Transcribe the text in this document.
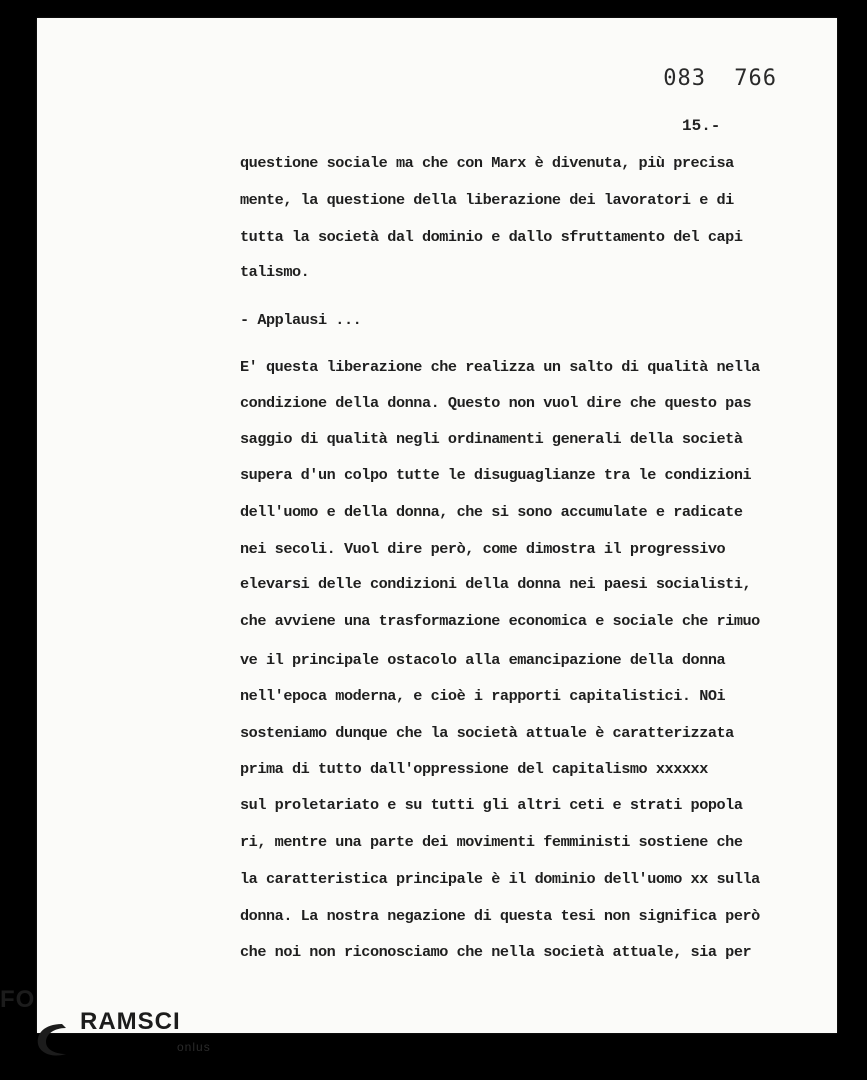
083 766
15.-
questione sociale ma che con Marx è divenuta, più precisa
mente, la questione della liberazione dei lavoratori e di
tutta la società dal dominio e dallo sfruttamento del capi
talismo.
- Applausi ...
E' questa liberazione che realizza un salto di qualità nella
condizione della donna. Questo non vuol dire che questo pas
saggio di qualità negli ordinamenti generali della società
supera d'un colpo tutte le disuguaglianze tra le condizioni
dell'uomo e della donna, che si sono accumulate e radicate
nei secoli. Vuol dire però, come dimostra il progressivo
elevarsi delle condizioni della donna nei paesi socialisti,
che avviene una trasformazione economica e sociale che rimuo
ve il principale ostacolo alla emancipazione della donna
nell'epoca moderna, e cioè i rapporti capitalistici. NOi
sosteniamo dunque che la società attuale è caratterizzata
prima di tutto dall'oppressione del capitalismo xxxxxx
sul proletariato e su tutti gli altri ceti e strati popola
ri, mentre una parte dei movimenti femministi sostiene che
la caratteristica principale è il dominio dell'uomo xx sulla
donna. La nostra negazione di questa tesi non significa però
che noi non riconosciamo che nella società attuale, sia per
FO
RAMSCI
onlus
